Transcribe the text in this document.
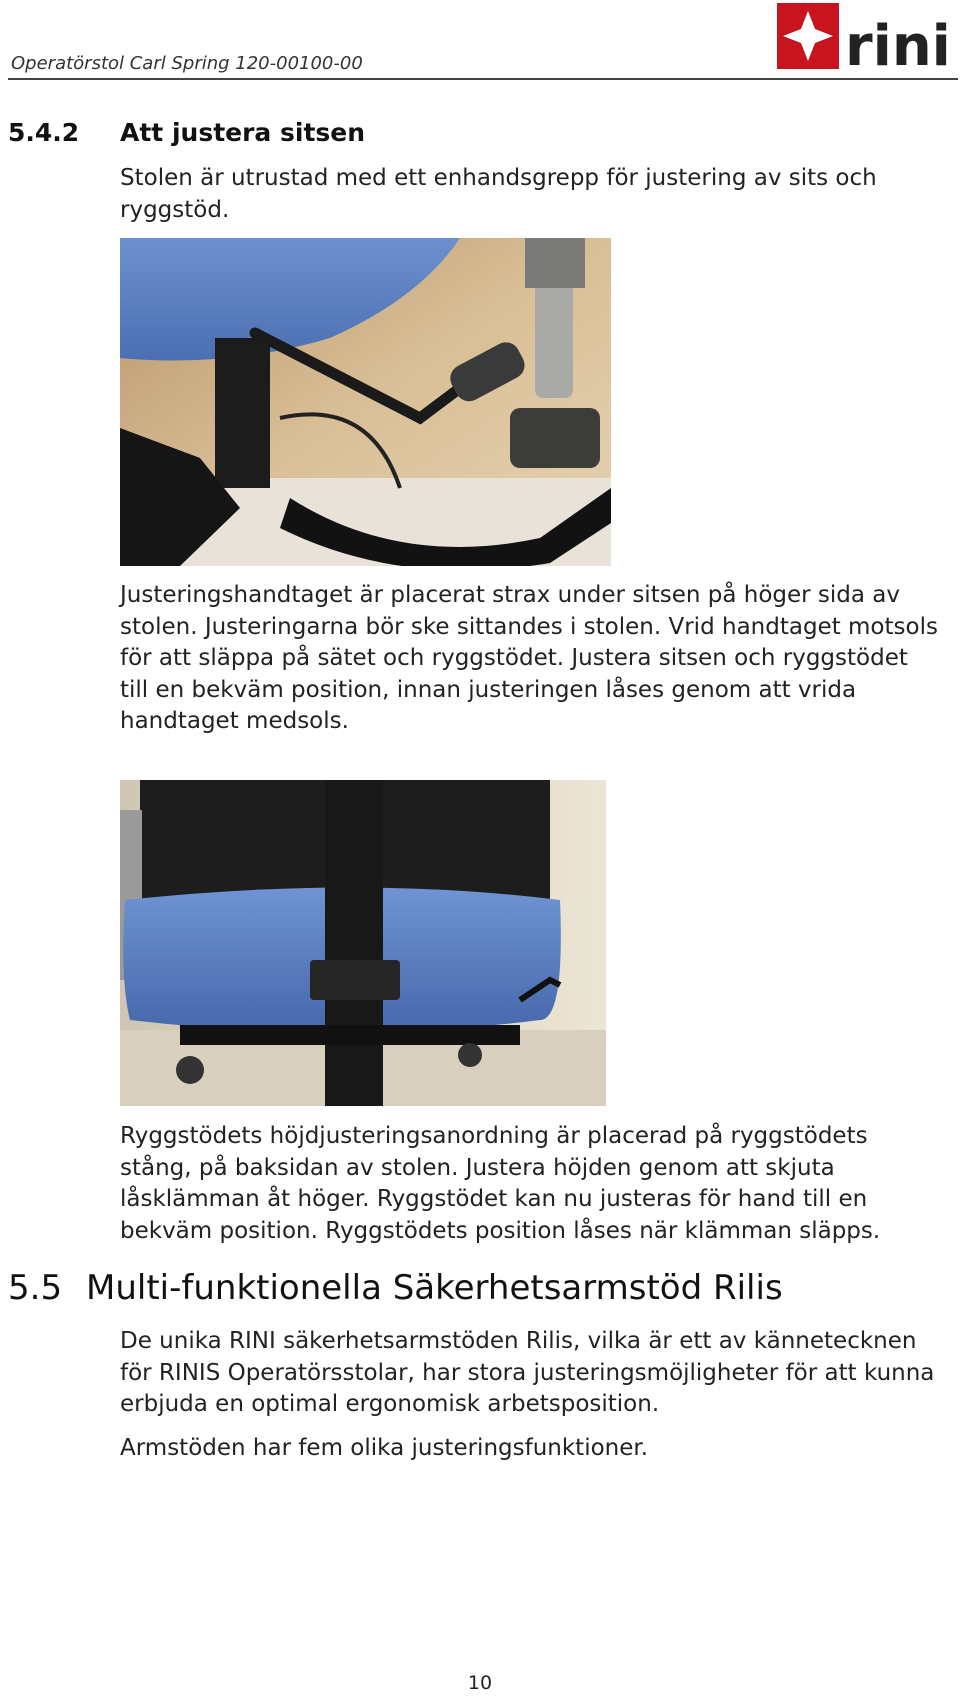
Operatörstol Carl Spring 120-00100-00	rini
5.4.2 Att justera sitsen

Stolen är utrustad med ett enhandsgrepp för justering av sits och ryggstöd.

Justeringshandtaget är placerat strax under sitsen på höger sida av stolen. Justeringarna bör ske sittandes i stolen. Vrid handtaget motsols för att släppa på sätet och ryggstödet. Justera sitsen och ryggstödet till en bekväm position, innan justeringen låses genom att vrida handtaget medsols.

Ryggstödets höjdjusteringsanordning är placerad på ryggstödets stång, på baksidan av stolen. Justera höjden genom att skjuta låsklämman åt höger. Ryggstödet kan nu justeras för hand till en bekväm position. Ryggstödets position låses när klämman släpps.

5.5 Multi-funktionella Säkerhetsarmstöd Rilis

De unika RINI säkerhetsarmstöden Rilis, vilka är ett av kännetecknen för RINIS Operatörsstolar, har stora justeringsmöjligheter för att kunna erbjuda en optimal ergonomisk arbetsposition.

Armstöden har fem olika justeringsfunktioner.

10
